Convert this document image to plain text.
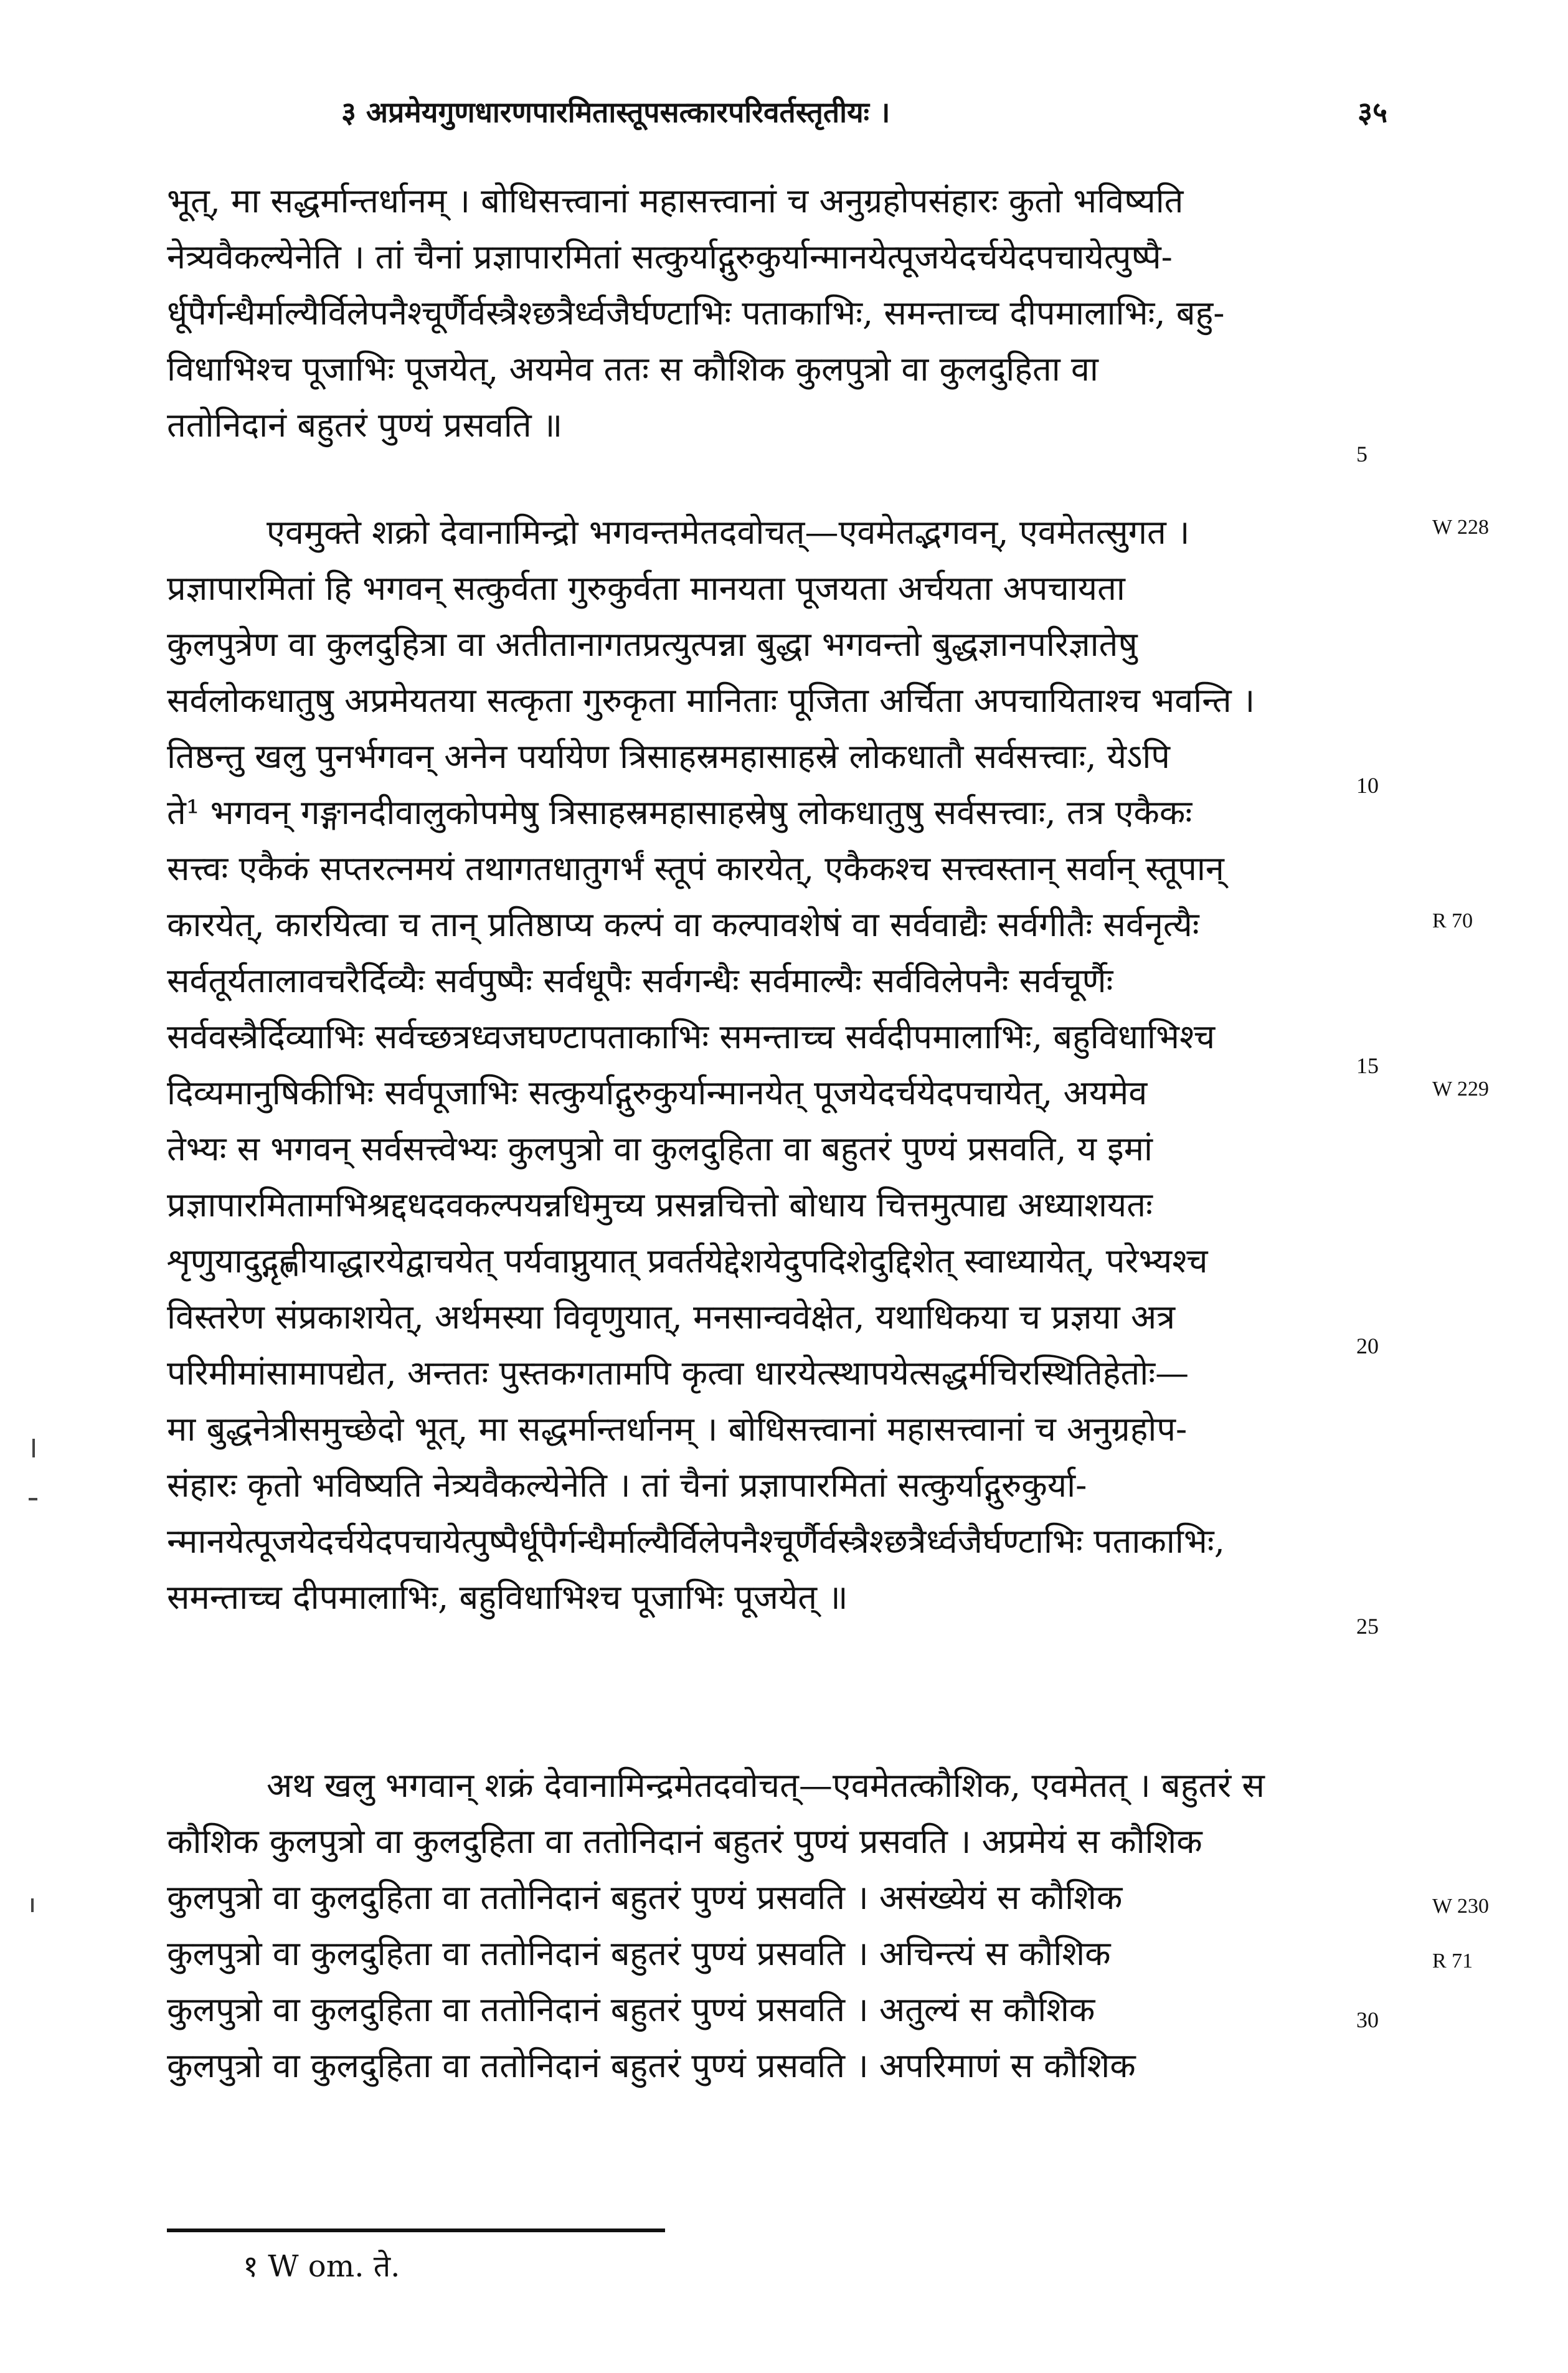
३ अप्रमेयगुणधारणपारमितास्तूपसत्कारपरिवर्तस्तृतीयः ।	३५
भूत्, मा सद्धर्मान्तर्धानम् । बोधिसत्त्वानां महासत्त्वानां च अनुग्रहोपसंहारः कुतो भविष्यति
नेत्र्यवैकल्येनेति । तां चैनां प्रज्ञापारमितां सत्कुर्याद्गुरुकुर्यान्मानयेत्पूजयेदर्चयेदपचायेत्पुष्पै-
र्धूपैर्गन्धैर्माल्यैर्विलेपनैश्चूर्णैर्वस्त्रैश्छत्रैर्ध्वजैर्घण्टाभिः पताकाभिः, समन्ताच्च दीपमालाभिः, बहु-
विधाभिश्च पूजाभिः पूजयेत्, अयमेव ततः स कौशिक कुलपुत्रो वा कुलदुहिता वा
ततोनिदानं बहुतरं पुण्यं प्रसवति ॥
एवमुक्ते शक्रो देवानामिन्द्रो भगवन्तमेतदवोचत्—एवमेतद्भगवन्, एवमेतत्सुगत ।
प्रज्ञापारमितां हि भगवन् सत्कुर्वता गुरुकुर्वता मानयता पूजयता अर्चयता अपचायता
कुलपुत्रेण वा कुलदुहित्रा वा अतीतानागतप्रत्युत्पन्ना बुद्धा भगवन्तो बुद्धज्ञानपरिज्ञातेषु
सर्वलोकधातुषु अप्रमेयतया सत्कृता गुरुकृता मानिताः पूजिता अर्चिता अपचायिताश्च भवन्ति ।
तिष्ठन्तु खलु पुनर्भगवन् अनेन पर्यायेण त्रिसाहस्रमहासाहस्रे लोकधातौ सर्वसत्त्वाः, येऽपि
ते¹ भगवन् गङ्गानदीवालुकोपमेषु त्रिसाहस्रमहासाहस्रेषु लोकधातुषु सर्वसत्त्वाः, तत्र एकैकः
सत्त्वः एकैकं सप्तरत्नमयं तथागतधातुगर्भं स्तूपं कारयेत्, एकैकश्च सत्त्वस्तान् सर्वान् स्तूपान्
कारयेत्, कारयित्वा च तान् प्रतिष्ठाप्य कल्पं वा कल्पावशेषं वा सर्ववाद्यैः सर्वगीतैः सर्वनृत्यैः
सर्वतूर्यतालावचरैर्दिव्यैः सर्वपुष्पैः सर्वधूपैः सर्वगन्धैः सर्वमाल्यैः सर्वविलेपनैः सर्वचूर्णैः
सर्ववस्त्रैर्दिव्याभिः सर्वच्छत्रध्वजघण्टापताकाभिः समन्ताच्च सर्वदीपमालाभिः, बहुविधाभिश्च
दिव्यमानुषिकीभिः सर्वपूजाभिः सत्कुर्याद्गुरुकुर्यान्मानयेत् पूजयेदर्चयेदपचायेत्, अयमेव
तेभ्यः स भगवन् सर्वसत्त्वेभ्यः कुलपुत्रो वा कुलदुहिता वा बहुतरं पुण्यं प्रसवति, य इमां
प्रज्ञापारमितामभिश्रद्दधदवकल्पयन्नधिमुच्य प्रसन्नचित्तो बोधाय चित्तमुत्पाद्य अध्याशयतः
शृणुयादुद्गृह्णीयाद्धारयेद्वाचयेत् पर्यवाप्नुयात् प्रवर्तयेद्देशयेदुपदिशेदुद्दिशेत् स्वाध्यायेत्, परेभ्यश्च
विस्तरेण संप्रकाशयेत्, अर्थमस्या विवृणुयात्, मनसान्ववेक्षेत, यथाधिकया च प्रज्ञया अत्र
परिमीमांसामापद्येत, अन्ततः पुस्तकगतामपि कृत्वा धारयेत्स्थापयेत्सद्धर्मचिरस्थितिहेतोः—
मा बुद्धनेत्रीसमुच्छेदो भूत्, मा सद्धर्मान्तर्धानम् । बोधिसत्त्वानां महासत्त्वानां च अनुग्रहोप-
संहारः कृतो भविष्यति नेत्र्यवैकल्येनेति । तां चैनां प्रज्ञापारमितां सत्कुर्याद्गुरुकुर्या-
न्मानयेत्पूजयेदर्चयेदपचायेत्पुष्पैर्धूपैर्गन्धैर्माल्यैर्विलेपनैश्चूर्णैर्वस्त्रैश्छत्रैर्ध्वजैर्घण्टाभिः पताकाभिः,
समन्ताच्च दीपमालाभिः, बहुविधाभिश्च पूजाभिः पूजयेत् ॥
अथ खलु भगवान् शक्रं देवानामिन्द्रमेतदवोचत्—एवमेतत्कौशिक, एवमेतत् । बहुतरं स
कौशिक कुलपुत्रो वा कुलदुहिता वा ततोनिदानं बहुतरं पुण्यं प्रसवति । अप्रमेयं स कौशिक
कुलपुत्रो वा कुलदुहिता वा ततोनिदानं बहुतरं पुण्यं प्रसवति । असंख्येयं स कौशिक
कुलपुत्रो वा कुलदुहिता वा ततोनिदानं बहुतरं पुण्यं प्रसवति । अचिन्त्यं स कौशिक
कुलपुत्रो वा कुलदुहिता वा ततोनिदानं बहुतरं पुण्यं प्रसवति । अतुल्यं स कौशिक
कुलपुत्रो वा कुलदुहिता वा ततोनिदानं बहुतरं पुण्यं प्रसवति । अपरिमाणं स कौशिक
5
10
15
20
25
30
W 228
R 70
W 229
W 230
R 71
१ W om. ते.
